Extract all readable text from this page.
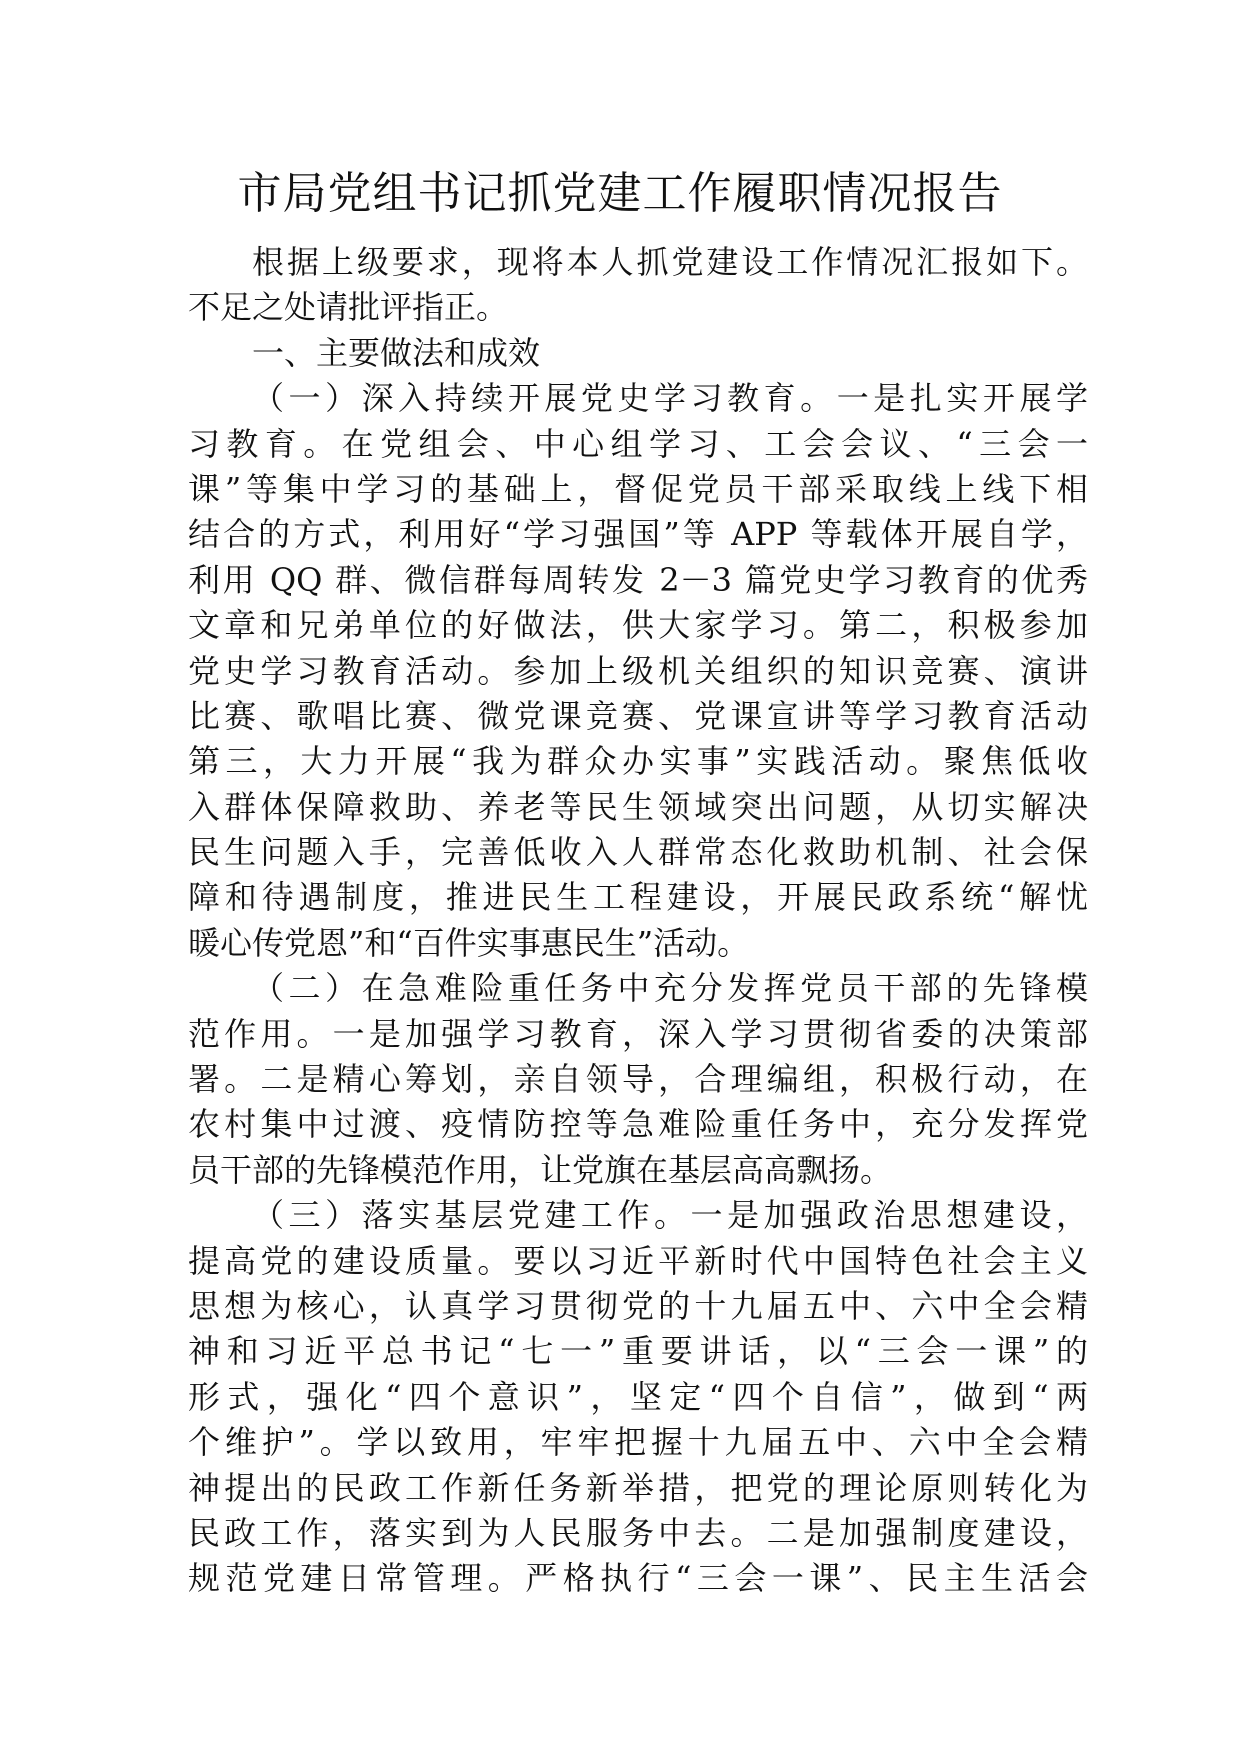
市局党组书记抓党建工作履职情况报告
根据上级要求，现将本人抓党建设工作情况汇报如下。
不足之处请批评指正。
一、主要做法和成效
（一）深入持续开展党史学习教育。一是扎实开展学
习教育。在党组会、中心组学习、工会会议、“三会一
课”等集中学习的基础上，督促党员干部采取线上线下相
结合的方式，利用好“学习强国”等 APP 等载体开展自学，
利用 QQ 群、微信群每周转发 2－3 篇党史学习教育的优秀
文章和兄弟单位的好做法，供大家学习。第二，积极参加
党史学习教育活动。参加上级机关组织的知识竞赛、演讲
比赛、歌唱比赛、微党课竞赛、党课宣讲等学习教育活动
第三，大力开展“我为群众办实事”实践活动。聚焦低收
入群体保障救助、养老等民生领域突出问题，从切实解决
民生问题入手，完善低收入人群常态化救助机制、社会保
障和待遇制度，推进民生工程建设，开展民政系统“解忧
暖心传党恩”和“百件实事惠民生”活动。
（二）在急难险重任务中充分发挥党员干部的先锋模
范作用。一是加强学习教育，深入学习贯彻省委的决策部
署。二是精心筹划，亲自领导，合理编组，积极行动，在
农村集中过渡、疫情防控等急难险重任务中，充分发挥党
员干部的先锋模范作用，让党旗在基层高高飘扬。
（三）落实基层党建工作。一是加强政治思想建设，
提高党的建设质量。要以习近平新时代中国特色社会主义
思想为核心，认真学习贯彻党的十九届五中、六中全会精
神和习近平总书记“七一”重要讲话，以“三会一课”的
形式，强化“四个意识”，坚定“四个自信”，做到“两
个维护”。学以致用，牢牢把握十九届五中、六中全会精
神提出的民政工作新任务新举措，把党的理论原则转化为
民政工作，落实到为人民服务中去。二是加强制度建设，
规范党建日常管理。严格执行“三会一课”、民主生活会
